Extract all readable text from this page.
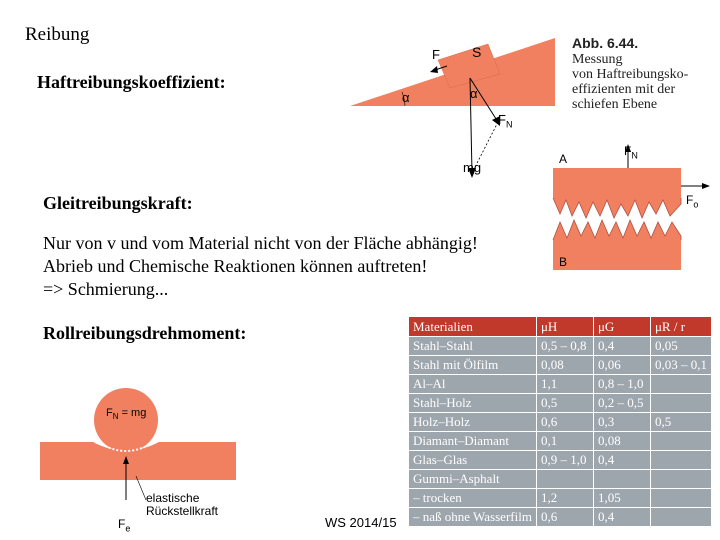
Reibung
Haftreibungskoeffizient:
Gleitreibungskraft:
Nur von v und vom Material nicht von der Fläche abhängig!
Abrieb und Chemische Reaktionen können auftreten!
=> Schmierung...
Rollreibungsdrehmoment:
F S
α	α
$F_N$
mg
Abb. 6.44. Messung
von Haftreibungsko-
effizienten mit der
schiefen Ebene
A
B
$F_N$
$F_o$
$F_N$ = mg
elastische
Rückstellkraft
$F_e$	WS 2014/15
Materialien	μH	μG	μR / r
Stahl–Stahl	0,5 – 0,8	0,4	0,05
Stahl mit Ölfilm	0,08	0,06	0,03 – 0,1
Al–Al	1,1	0,8 – 1,0	
Stahl–Holz	0,5	0,2 – 0,5	
Holz–Holz	0,6	0,3	0,5
Diamant–Diamant	0,1	0,08	
Glas–Glas	0,9 – 1,0	0,4	
Gummi–Asphalt			
– trocken	1,2	1,05	
– naß ohne Wasserfilm	0,6	0,4	
